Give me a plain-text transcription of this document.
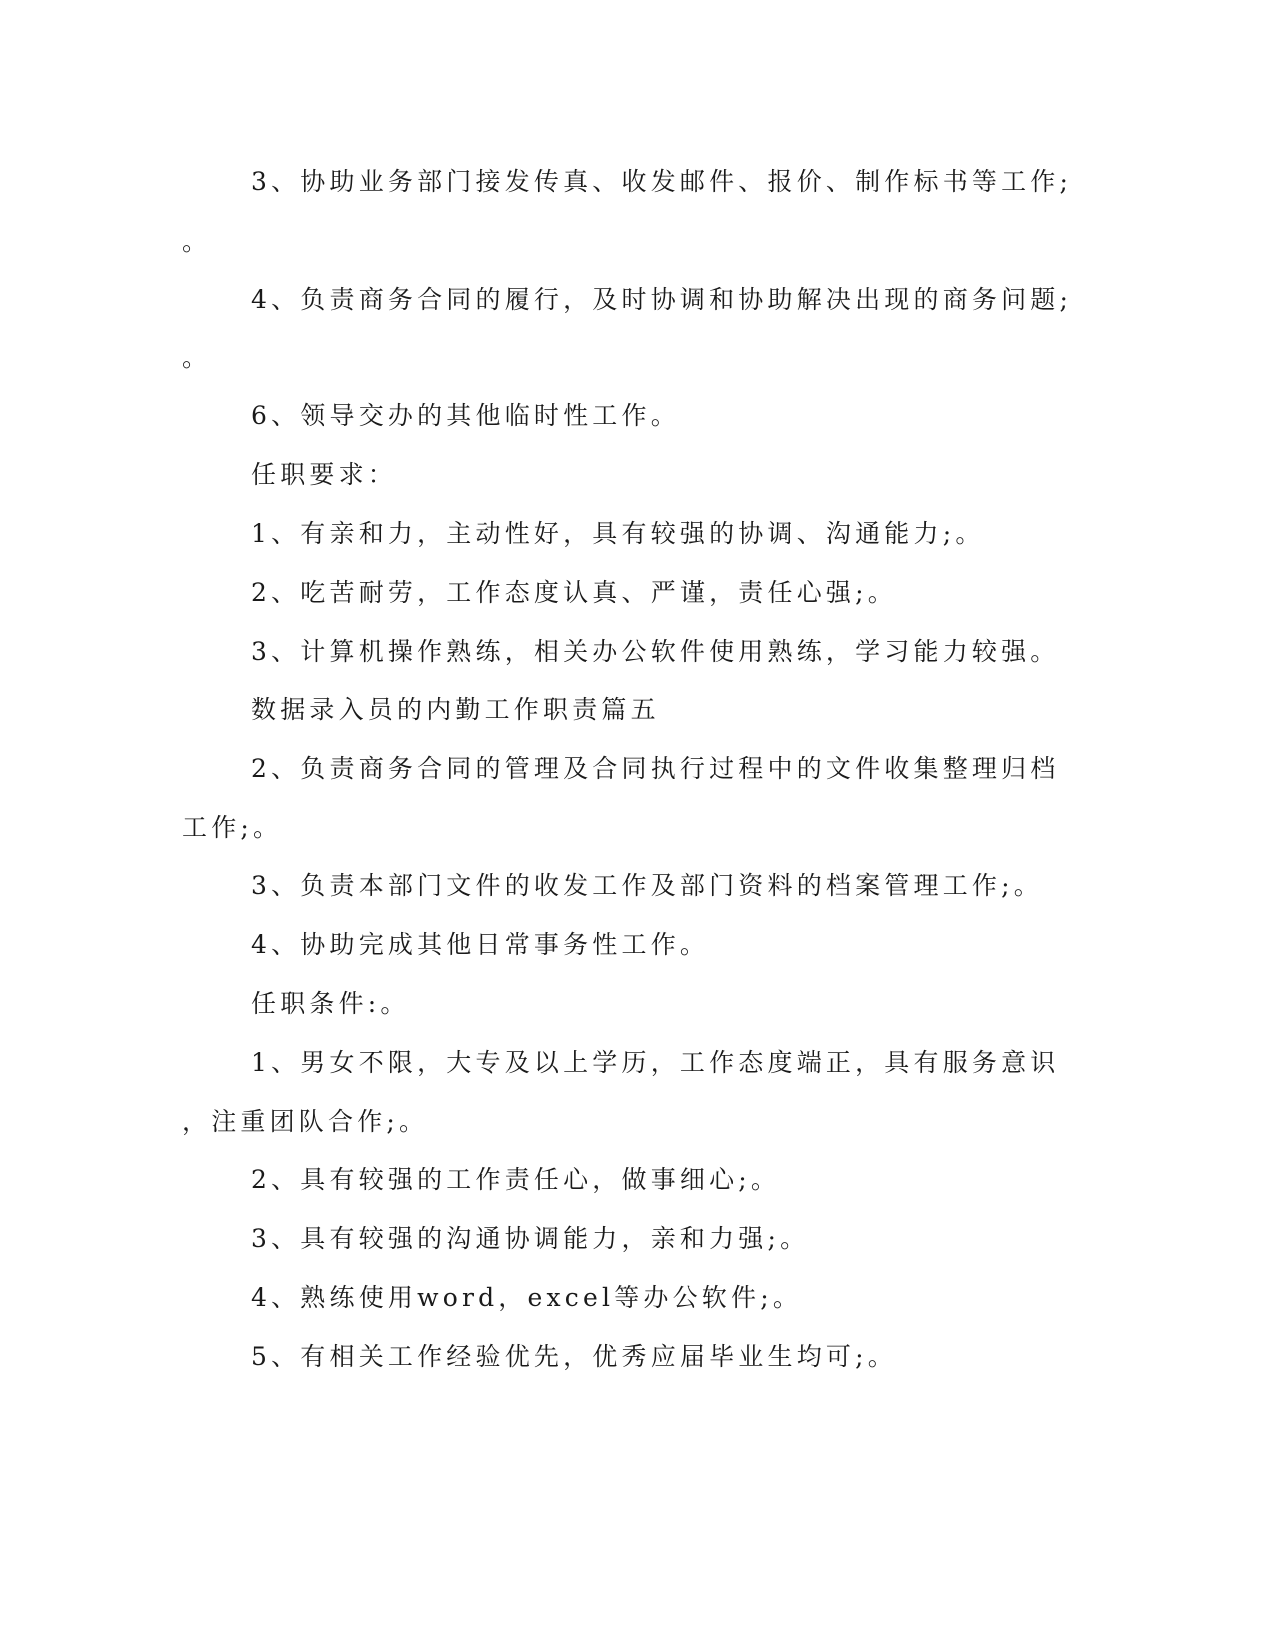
3、协助业务部门接发传真、收发邮件、报价、制作标书等工作;

。

4、负责商务合同的履行，及时协调和协助解决出现的商务问题;

。

6、领导交办的其他临时性工作。

任职要求：

1、有亲和力，主动性好，具有较强的协调、沟通能力;。

2、吃苦耐劳，工作态度认真、严谨，责任心强;。

3、计算机操作熟练，相关办公软件使用熟练，学习能力较强。

数据录入员的内勤工作职责篇五

2、负责商务合同的管理及合同执行过程中的文件收集整理归档

工作;。

3、负责本部门文件的收发工作及部门资料的档案管理工作;。

4、协助完成其他日常事务性工作。

任职条件:。

1、男女不限，大专及以上学历，工作态度端正，具有服务意识

，注重团队合作;。

2、具有较强的工作责任心，做事细心;。

3、具有较强的沟通协调能力，亲和力强;。

4、熟练使用word，excel等办公软件;。

5、有相关工作经验优先，优秀应届毕业生均可;。
